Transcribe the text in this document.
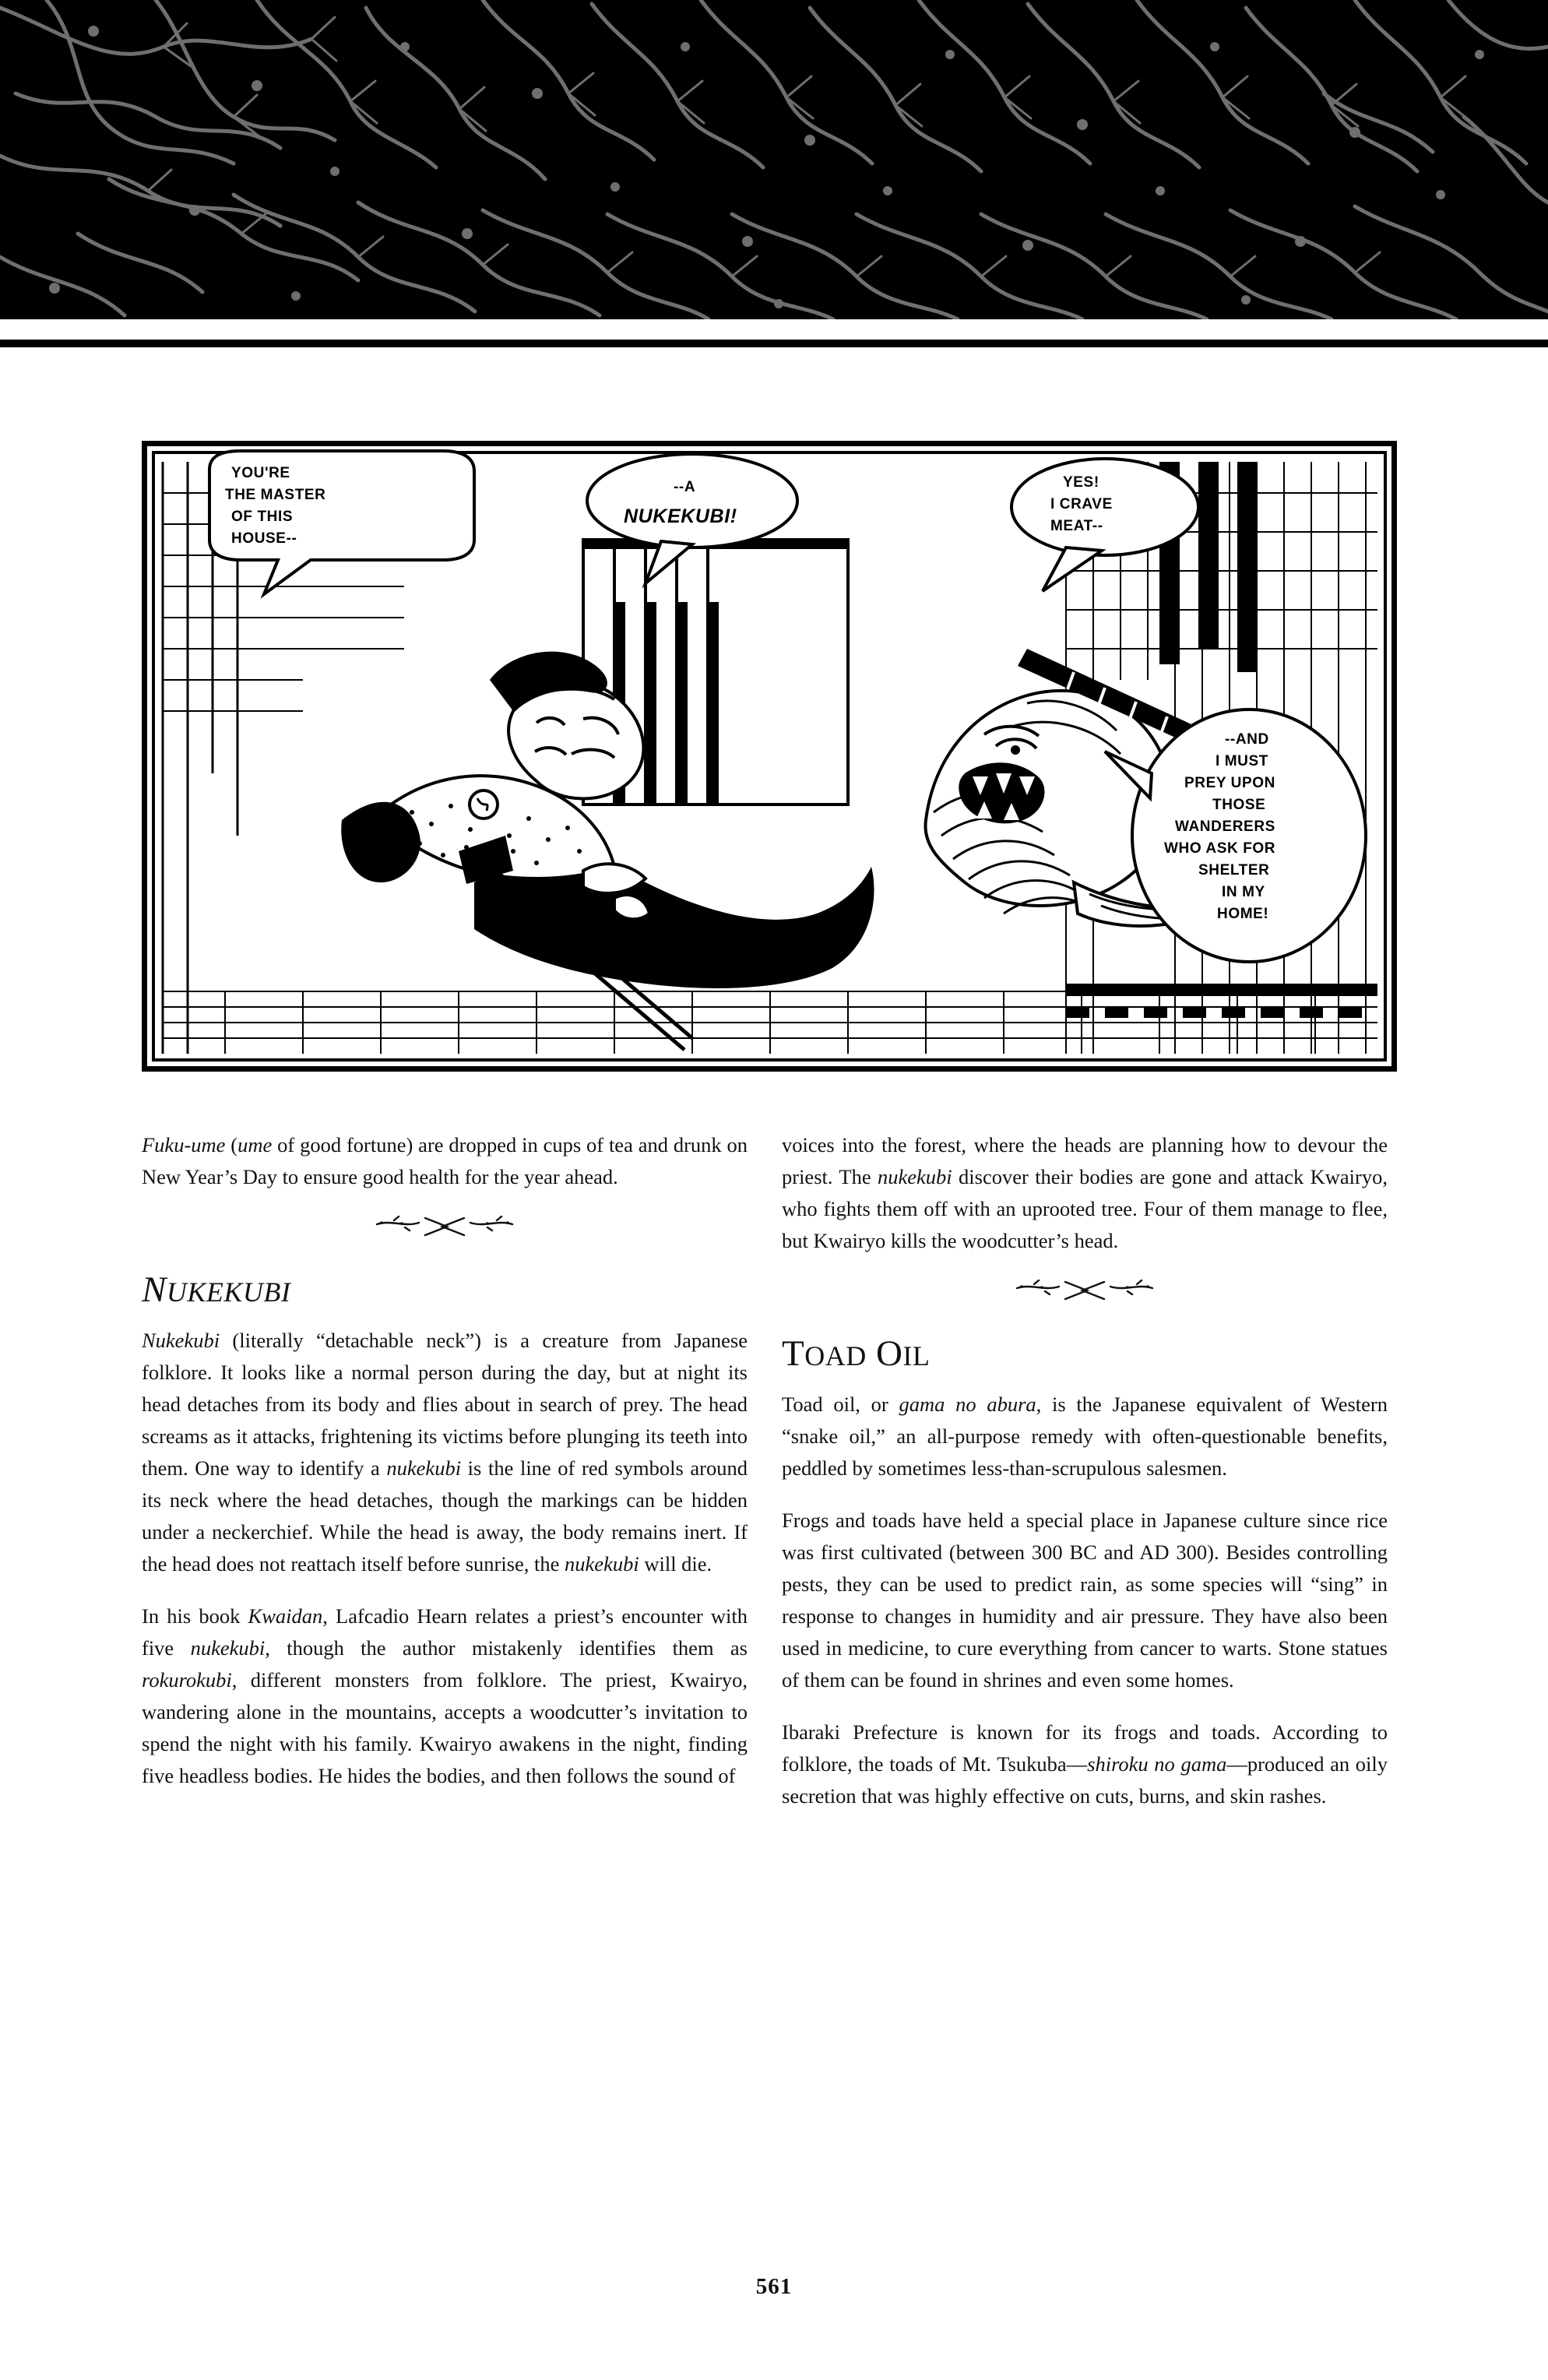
YOU'RE
THE MASTER
OF THIS
HOUSE--
--A
NUKEKUBI!
YES!
I CRAVE
MEAT--
--AND
I MUST
PREY UPON
THOSE
WANDERERS
WHO ASK FOR
SHELTER
IN MY
HOME!

Fuku-ume (ume of good fortune) are dropped in cups of tea and drunk on New Year’s Day to ensure good health for the year ahead.

NUKEKUBI

Nukekubi (literally “detachable neck”) is a creature from Japanese folklore. It looks like a normal person during the day, but at night its head detaches from its body and flies about in search of prey. The head screams as it attacks, frightening its victims before plunging its teeth into them. One way to identify a nukekubi is the line of red symbols around its neck where the head detaches, though the markings can be hidden under a neckerchief. While the head is away, the body remains inert. If the head does not reattach itself before sunrise, the nukekubi will die.

In his book Kwaidan, Lafcadio Hearn relates a priest’s encounter with five nukekubi, though the author mistakenly identifies them as rokurokubi, different monsters from folklore. The priest, Kwairyo, wandering alone in the mountains, accepts a woodcutter’s invitation to spend the night with his family. Kwairyo awakens in the night, finding five headless bodies. He hides the bodies, and then follows the sound of

voices into the forest, where the heads are planning how to devour the priest. The nukekubi discover their bodies are gone and attack Kwairyo, who fights them off with an uprooted tree. Four of them manage to flee, but Kwairyo kills the woodcutter’s head.

TOAD OIL

Toad oil, or gama no abura, is the Japanese equivalent of Western “snake oil,” an all-purpose remedy with often-questionable benefits, peddled by sometimes less-than-scrupulous salesmen.

Frogs and toads have held a special place in Japanese culture since rice was first cultivated (between 300 BC and AD 300). Besides controlling pests, they can be used to predict rain, as some species will “sing” in response to changes in humidity and air pressure. They have also been used in medicine, to cure everything from cancer to warts. Stone statues of them can be found in shrines and even some homes.

Ibaraki Prefecture is known for its frogs and toads. According to folklore, the toads of Mt. Tsukuba—shiroku no gama—produced an oily secretion that was highly effective on cuts, burns, and skin rashes.

561
